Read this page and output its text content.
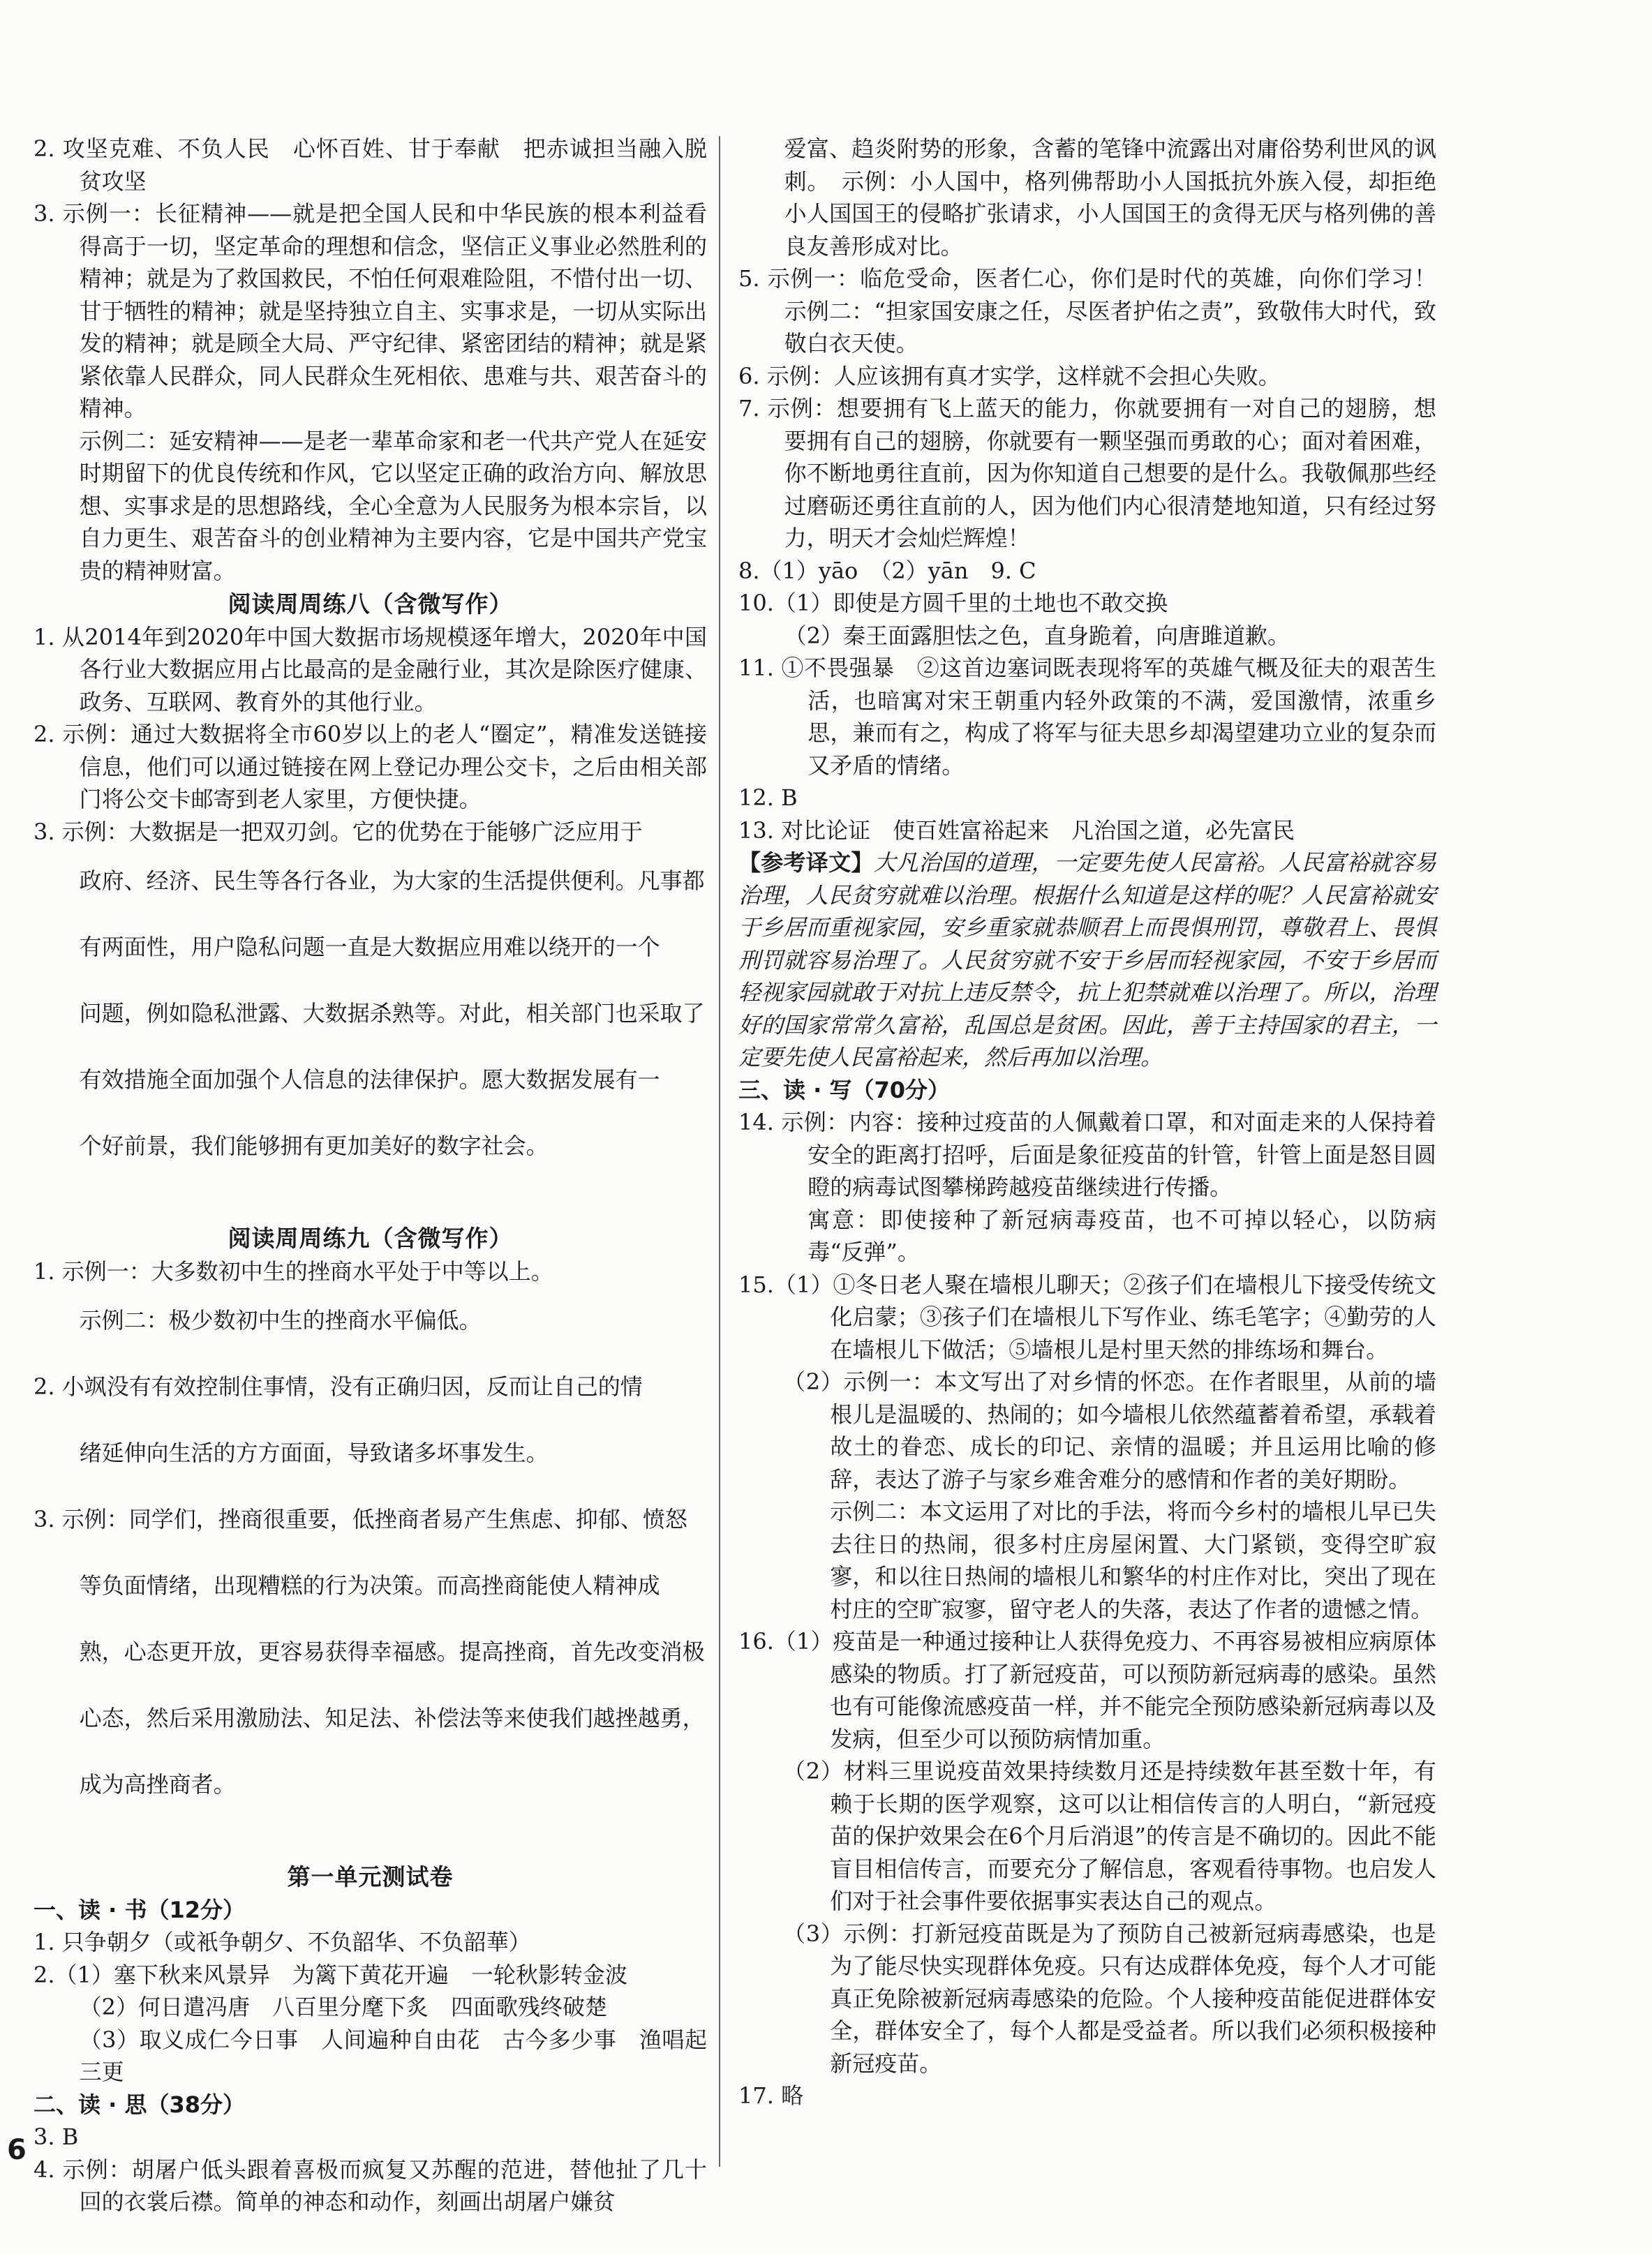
2. 攻坚克难、不负人民　心怀百姓、甘于奉献　把赤诚担当融入脱贫攻坚

3. 示例一：长征精神——就是把全国人民和中华民族的根本利益看得高于一切，坚定革命的理想和信念，坚信正义事业必然胜利的精神；就是为了救国救民，不怕任何艰难险阻，不惜付出一切、甘于牺牲的精神；就是坚持独立自主、实事求是，一切从实际出发的精神；就是顾全大局、严守纪律、紧密团结的精神；就是紧紧依靠人民群众，同人民群众生死相依、患难与共、艰苦奋斗的精神。

示例二：延安精神——是老一辈革命家和老一代共产党人在延安时期留下的优良传统和作风，它以坚定正确的政治方向、解放思想、实事求是的思想路线，全心全意为人民服务为根本宗旨，以自力更生、艰苦奋斗的创业精神为主要内容，它是中国共产党宝贵的精神财富。

阅读周周练八（含微写作）

1. 从2014年到2020年中国大数据市场规模逐年增大，2020年中国各行业大数据应用占比最高的是金融行业，其次是除医疗健康、政务、互联网、教育外的其他行业。

2. 示例：通过大数据将全市60岁以上的老人“圈定”，精准发送链接信息，他们可以通过链接在网上登记办理公交卡，之后由相关部门将公交卡邮寄到老人家里，方便快捷。

3. 示例：大数据是一把双刃剑。它的优势在于能够广泛应用于

政府、经济、民生等各行各业，为大家的生活提供便利。凡事都

有两面性，用户隐私问题一直是大数据应用难以绕开的一个

问题，例如隐私泄露、大数据杀熟等。对此，相关部门也采取了

有效措施全面加强个人信息的法律保护。愿大数据发展有一

个好前景，我们能够拥有更加美好的数字社会。

阅读周周练九（含微写作）

1. 示例一：大多数初中生的挫商水平处于中等以上。

示例二：极少数初中生的挫商水平偏低。

2. 小飒没有有效控制住事情，没有正确归因，反而让自己的情

绪延伸向生活的方方面面，导致诸多坏事发生。

3. 示例：同学们，挫商很重要，低挫商者易产生焦虑、抑郁、愤怒

等负面情绪，出现糟糕的行为决策。而高挫商能使人精神成

熟，心态更开放，更容易获得幸福感。提高挫商，首先改变消极

心态，然后采用激励法、知足法、补偿法等来使我们越挫越勇，

成为高挫商者。

第一单元测试卷

一、读 · 书（12分）

1. 只争朝夕（或衹争朝夕、不负韶华、不负韶華）

2.（1）塞下秋来风景异　为篱下黄花开遍　一轮秋影转金波

（2）何日遣冯唐　八百里分麾下炙　四面歌残终破楚

（3）取义成仁今日事　人间遍种自由花　古今多少事　渔唱起三更

二、读 · 思（38分）

3. B

4. 示例：胡屠户低头跟着喜极而疯复又苏醒的范进，替他扯了几十回的衣裳后襟。简单的神态和动作，刻画出胡屠户嫌贫

爱富、趋炎附势的形象，含蓄的笔锋中流露出对庸俗势利世风的讽刺。　示例：小人国中，格列佛帮助小人国抵抗外族入侵，却拒绝小人国国王的侵略扩张请求，小人国国王的贪得无厌与格列佛的善良友善形成对比。

5. 示例一：临危受命，医者仁心，你们是时代的英雄，向你们学习！示例二：“担家国安康之任，尽医者护佑之责”，致敬伟大时代，致敬白衣天使。

6. 示例：人应该拥有真才实学，这样就不会担心失败。

7. 示例：想要拥有飞上蓝天的能力，你就要拥有一对自己的翅膀，想要拥有自己的翅膀，你就要有一颗坚强而勇敢的心；面对着困难，你不断地勇往直前，因为你知道自己想要的是什么。我敬佩那些经过磨砺还勇往直前的人，因为他们内心很清楚地知道，只有经过努力，明天才会灿烂辉煌！

8.（1）yāo　（2）yān　9. C

10.（1）即使是方圆千里的土地也不敢交换

（2）秦王面露胆怯之色，直身跪着，向唐雎道歉。

11. ①不畏强暴　②这首边塞词既表现将军的英雄气概及征夫的艰苦生活，也暗寓对宋王朝重内轻外政策的不满，爱国激情，浓重乡思，兼而有之，构成了将军与征夫思乡却渴望建功立业的复杂而又矛盾的情绪。

12. B

13. 对比论证　使百姓富裕起来　凡治国之道，必先富民

【参考译文】大凡治国的道理，一定要先使人民富裕。人民富裕就容易治理，人民贫穷就难以治理。根据什么知道是这样的呢？人民富裕就安于乡居而重视家园，安乡重家就恭顺君上而畏惧刑罚，尊敬君上、畏惧刑罚就容易治理了。人民贫穷就不安于乡居而轻视家园，不安于乡居而轻视家园就敢于对抗上违反禁令，抗上犯禁就难以治理了。所以，治理好的国家常常久富裕，乱国总是贫困。因此，善于主持国家的君主，一定要先使人民富裕起来，然后再加以治理。

三、读 · 写（70分）

14. 示例：内容：接种过疫苗的人佩戴着口罩，和对面走来的人保持着安全的距离打招呼，后面是象征疫苗的针管，针管上面是怒目圆瞪的病毒试图攀梯跨越疫苗继续进行传播。

寓意：即使接种了新冠病毒疫苗，也不可掉以轻心，以防病毒“反弹”。

15.（1）①冬日老人聚在墙根儿聊天；②孩子们在墙根儿下接受传统文化启蒙；③孩子们在墙根儿下写作业、练毛笔字；④勤劳的人在墙根儿下做活；⑤墙根儿是村里天然的排练场和舞台。

（2）示例一：本文写出了对乡情的怀恋。在作者眼里，从前的墙根儿是温暖的、热闹的；如今墙根儿依然蕴蓄着希望，承载着故土的眷恋、成长的印记、亲情的温暖；并且运用比喻的修辞，表达了游子与家乡难舍难分的感情和作者的美好期盼。

示例二：本文运用了对比的手法，将而今乡村的墙根儿早已失去往日的热闹，很多村庄房屋闲置、大门紧锁，变得空旷寂寥，和以往日热闹的墙根儿和繁华的村庄作对比，突出了现在村庄的空旷寂寥，留守老人的失落，表达了作者的遗憾之情。

16.（1）疫苗是一种通过接种让人获得免疫力、不再容易被相应病原体感染的物质。打了新冠疫苗，可以预防新冠病毒的感染。虽然也有可能像流感疫苗一样，并不能完全预防感染新冠病毒以及发病，但至少可以预防病情加重。

（2）材料三里说疫苗效果持续数月还是持续数年甚至数十年，有赖于长期的医学观察，这可以让相信传言的人明白，“新冠疫苗的保护效果会在6个月后消退”的传言是不确切的。因此不能盲目相信传言，而要充分了解信息，客观看待事物。也启发人们对于社会事件要依据事实表达自己的观点。

（3）示例：打新冠疫苗既是为了预防自己被新冠病毒感染，也是为了能尽快实现群体免疫。只有达成群体免疫，每个人才可能真正免除被新冠病毒感染的危险。个人接种疫苗能促进群体安全，群体安全了，每个人都是受益者。所以我们必须积极接种新冠疫苗。

17. 略

6
